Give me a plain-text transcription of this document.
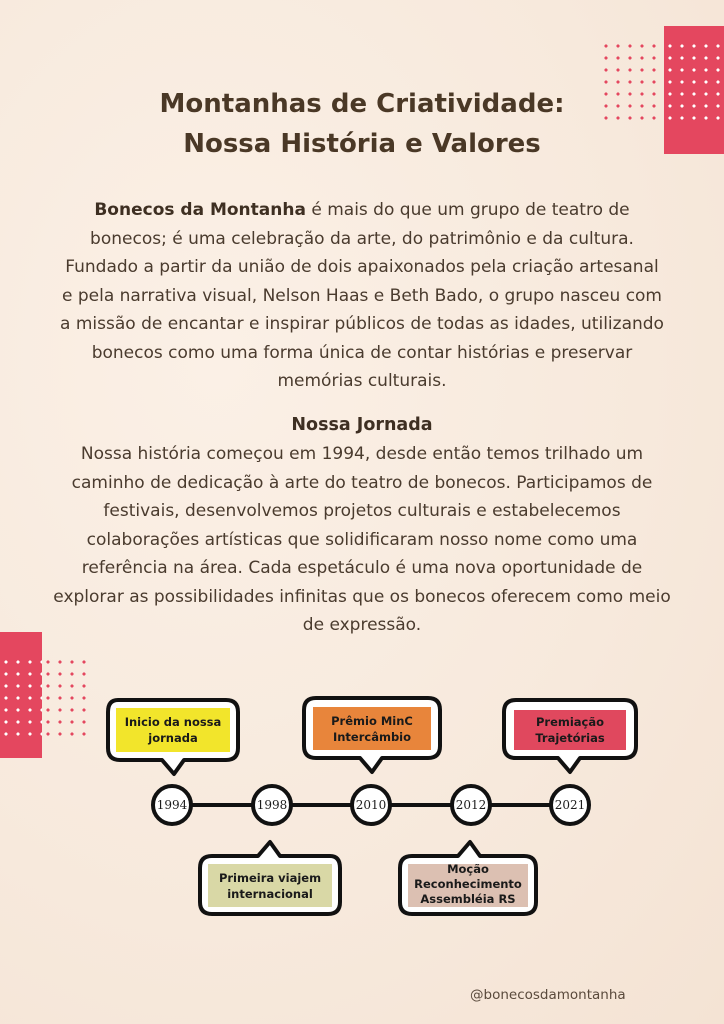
Montanhas de Criatividade:
Nossa História e Valores

Bonecos da Montanha é mais do que um grupo de teatro de bonecos; é uma celebração da arte, do patrimônio e da cultura. Fundado a partir da união de dois apaixonados pela criação artesanal e pela narrativa visual, Nelson Haas e Beth Bado, o grupo nasceu com a missão de encantar e inspirar públicos de todas as idades, utilizando bonecos como uma forma única de contar histórias e preservar memórias culturais.

Nossa Jornada

Nossa história começou em 1994, desde então temos trilhado um caminho de dedicação à arte do teatro de bonecos. Participamos de festivais, desenvolvemos projetos culturais e estabelecemos colaborações artísticas que solidificaram nosso nome como uma referência na área. Cada espetáculo é uma nova oportunidade de explorar as possibilidades infinitas que os bonecos oferecem como meio de expressão.

1994	1998	2010	2012	2021
Inicio da nossa jornada
Prêmio MinC Intercâmbio
Premiação Trajetórias
Primeira viajem internacional
Moção Reconhecimento Assembléia RS
@bonecosdamontanha
